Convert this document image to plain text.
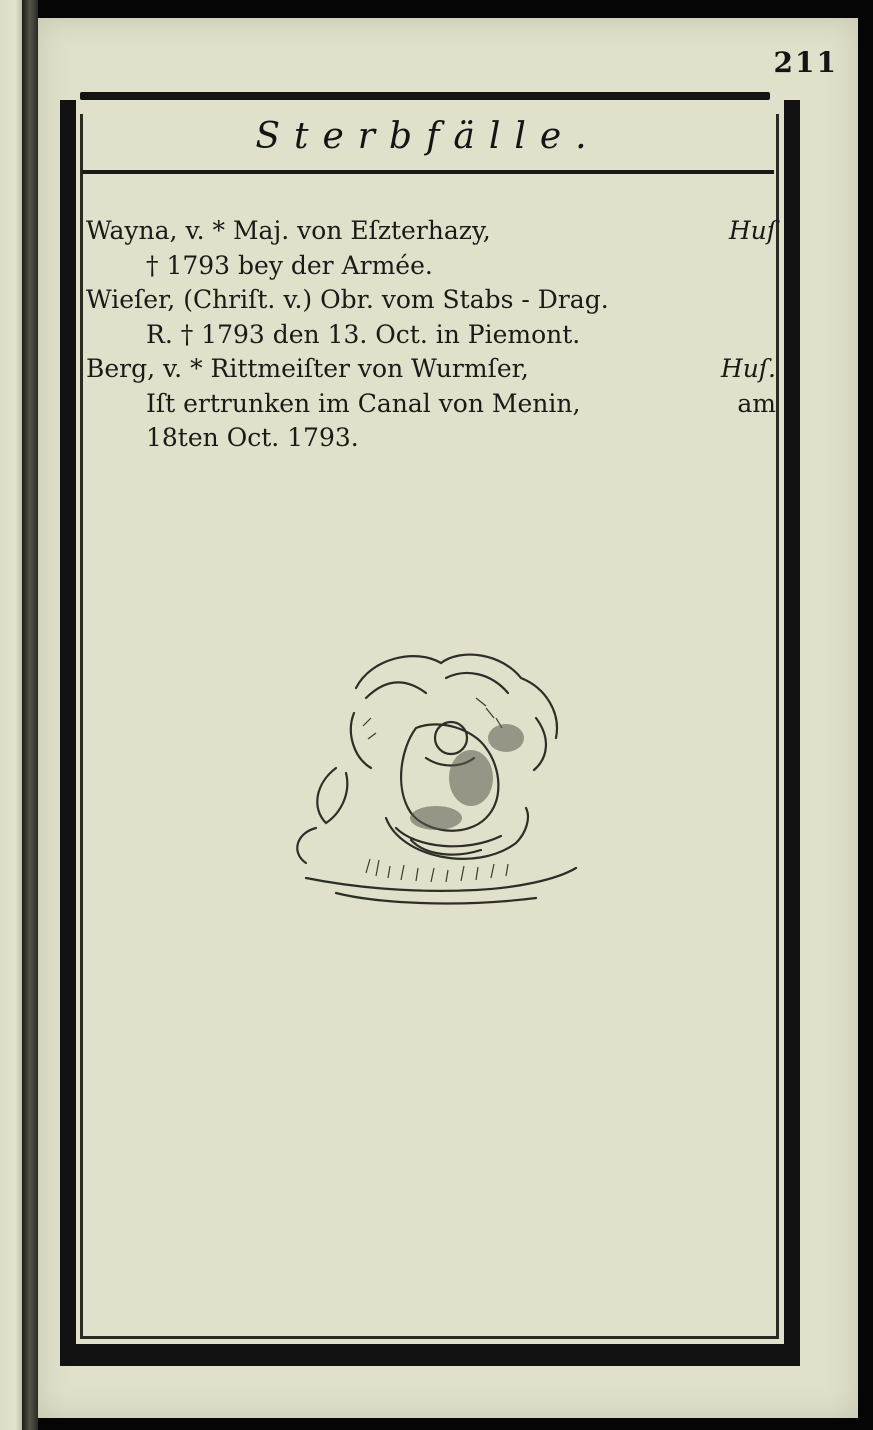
211
Sterbfälle.
Wayna, v. * Maj. von Eſzterhazy,	Huſ
† 1793 bey der Armée.
Wieſer, (Chriſt. v.) Obr. vom Stabs - Drag.
R. † 1793 den 13. Oct. in Piemont.
Berg, v. * Rittmeiſter von Wurmſer,	Huſ.
Iſt ertrunken im Canal von Menin,	am
18ten Oct. 1793.
